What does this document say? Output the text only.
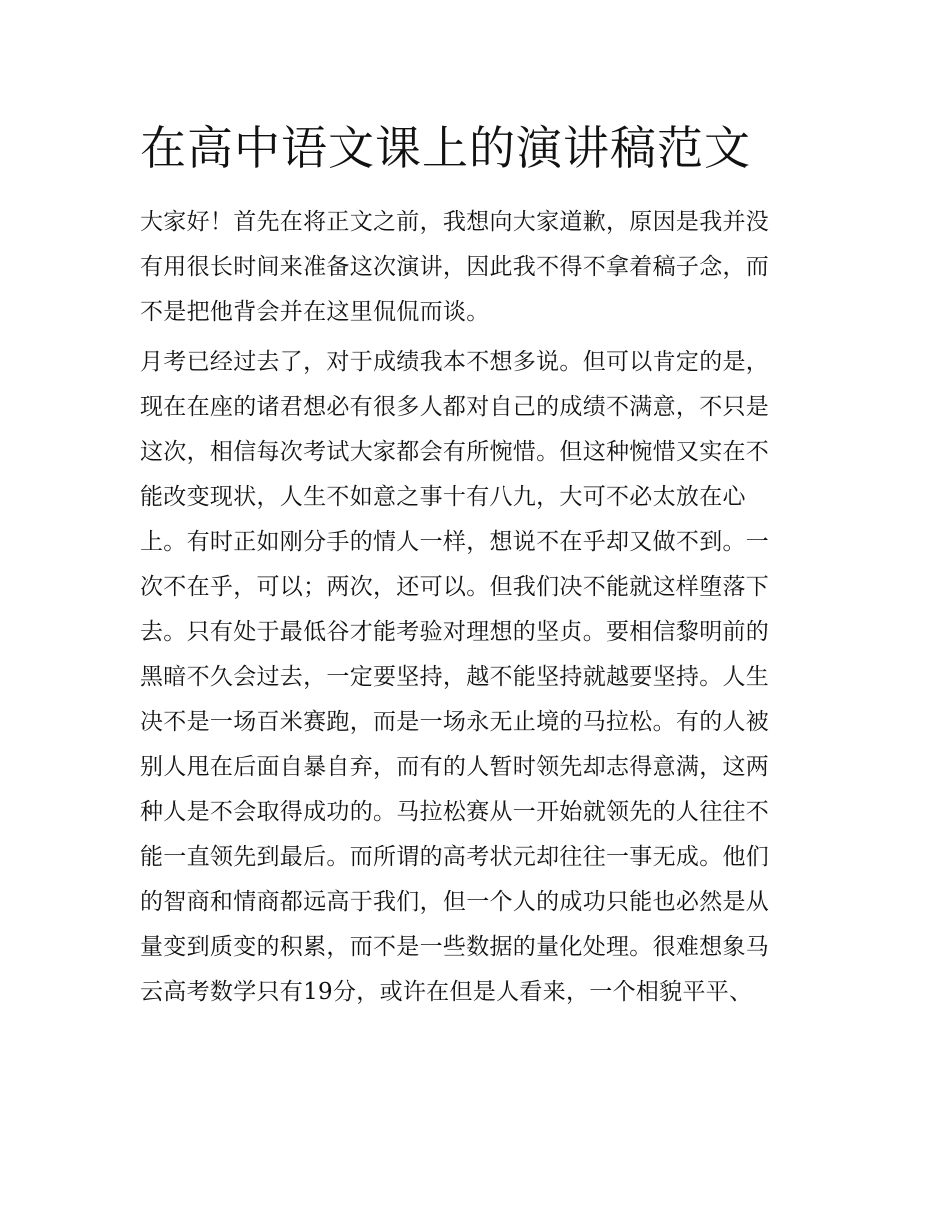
在高中语文课上的演讲稿范文
大家好！首先在将正文之前，我想向大家道歉，原因是我并没
有用很长时间来准备这次演讲，因此我不得不拿着稿子念，而
不是把他背会并在这里侃侃而谈。
月考已经过去了，对于成绩我本不想多说。但可以肯定的是，
现在在座的诸君想必有很多人都对自己的成绩不满意，不只是
这次，相信每次考试大家都会有所惋惜。但这种惋惜又实在不
能改变现状，人生不如意之事十有八九，大可不必太放在心
上。有时正如刚分手的情人一样，想说不在乎却又做不到。一
次不在乎，可以；两次，还可以。但我们决不能就这样堕落下
去。只有处于最低谷才能考验对理想的坚贞。要相信黎明前的
黑暗不久会过去，一定要坚持，越不能坚持就越要坚持。人生
决不是一场百米赛跑，而是一场永无止境的马拉松。有的人被
别人甩在后面自暴自弃，而有的人暂时领先却志得意满，这两
种人是不会取得成功的。马拉松赛从一开始就领先的人往往不
能一直领先到最后。而所谓的高考状元却往往一事无成。他们
的智商和情商都远高于我们，但一个人的成功只能也必然是从
量变到质变的积累，而不是一些数据的量化处理。很难想象马
云高考数学只有19分，或许在但是人看来，一个相貌平平、
